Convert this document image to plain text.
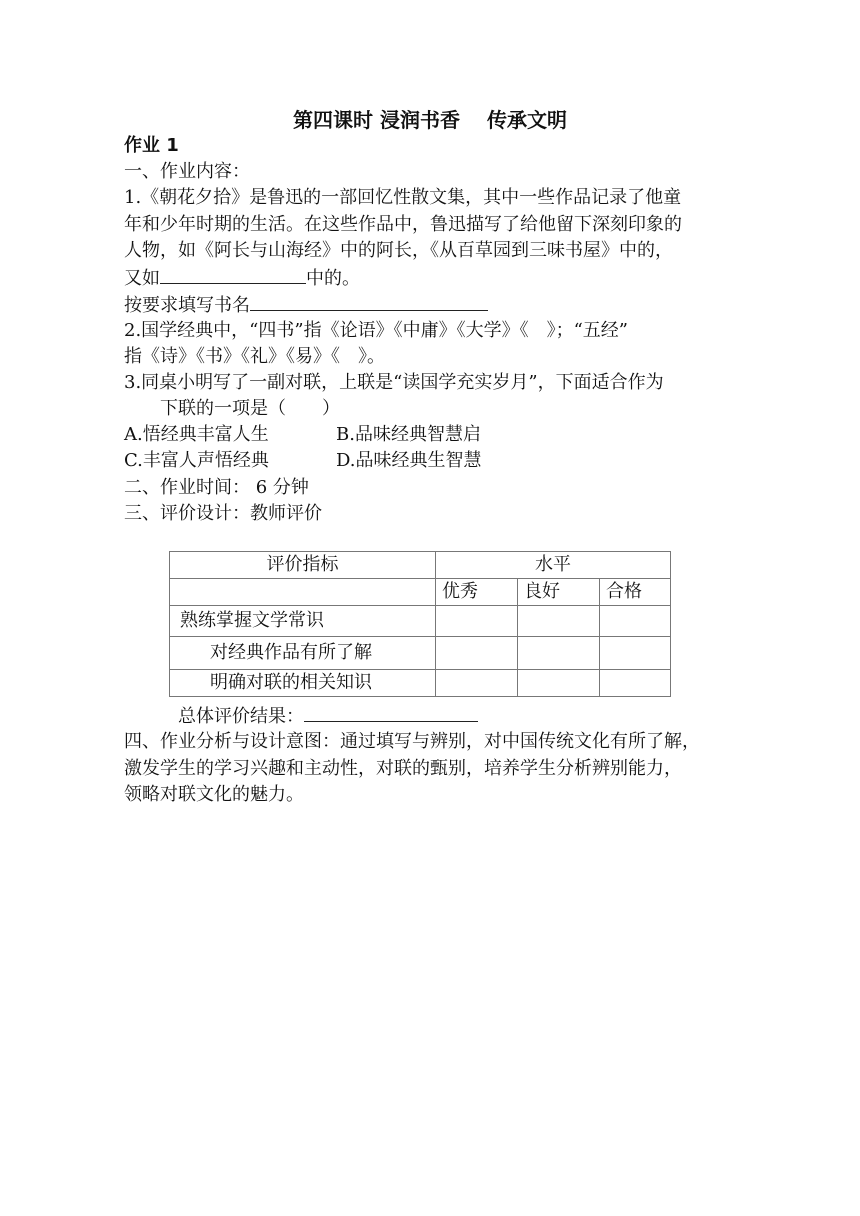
第四课时 浸润书香　 传承文明
作业 1
一、作业内容：
1.《朝花夕拾》是鲁迅的一部回忆性散文集，其中一些作品记录了他童
年和少年时期的生活。在这些作品中，鲁迅描写了给他留下深刻印象的
人物，如《阿长与山海经》中的阿长，《从百草园到三味书屋》中的，
又如	中的。
按要求填写书名
2.国学经典中，“四书”指《论语》《中庸》《大学》《　》；“五经”
指《诗》《书》《礼》《易》《　》。
3.同桌小明写了一副对联，上联是“读国学充实岁月”，下面适合作为
下联的一项是（　　）
A.悟经典丰富人生	B.品味经典智慧启
C.丰富人声悟经典	D.品味经典生智慧
二、作业时间： 6 分钟
三、评价设计：教师评价
评价指标	水平		
	优秀	良好	合格
熟练掌握文学常识			
对经典作品有所了解			
明确对联的相关知识			
总体评价结果：
四、作业分析与设计意图：通过填写与辨别，对中国传统文化有所了解，
激发学生的学习兴趣和主动性，对联的甄别，培养学生分析辨别能力，
领略对联文化的魅力。
